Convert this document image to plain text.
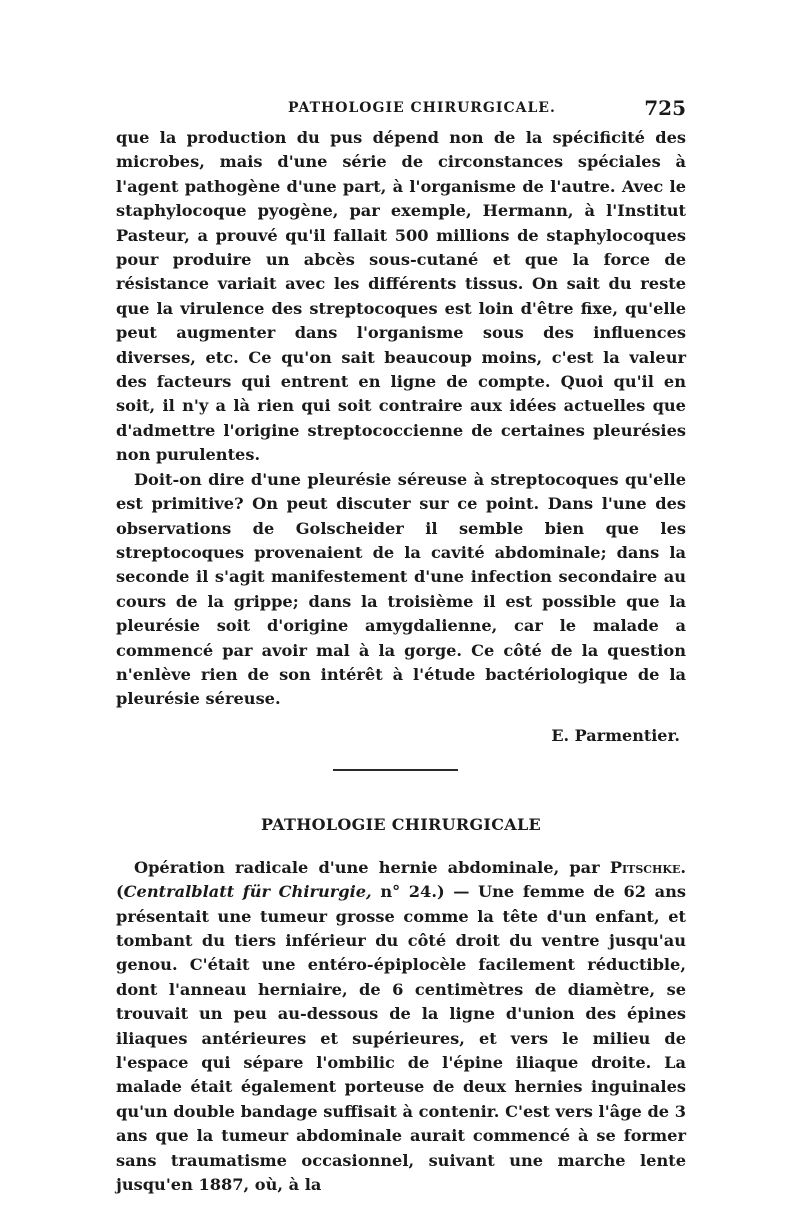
PATHOLOGIE CHIRURGICALE.	725

que la production du pus dépend non de la spécificité des microbes, mais d'une série de circonstances spéciales à l'agent pathogène d'une part, à l'organisme de l'autre. Avec le staphylocoque pyogène, par exemple, Hermann, à l'Institut Pasteur, a prouvé qu'il fallait 500 millions de staphylocoques pour produire un abcès sous-cutané et que la force de résistance variait avec les différents tissus. On sait du reste que la virulence des streptocoques est loin d'être fixe, qu'elle peut augmenter dans l'organisme sous des influences diverses, etc. Ce qu'on sait beaucoup moins, c'est la valeur des facteurs qui entrent en ligne de compte. Quoi qu'il en soit, il n'y a là rien qui soit contraire aux idées actuelles que d'admettre l'origine streptococcienne de certaines pleurésies non purulentes.

Doit-on dire d'une pleurésie séreuse à streptocoques qu'elle est primitive? On peut discuter sur ce point. Dans l'une des observations de Golscheider il semble bien que les streptocoques provenaient de la cavité abdominale; dans la seconde il s'agit manifestement d'une infection secondaire au cours de la grippe; dans la troisième il est possible que la pleurésie soit d'origine amygdalienne, car le malade a commencé par avoir mal à la gorge. Ce côté de la question n'enlève rien de son intérêt à l'étude bactériologique de la pleurésie séreuse.

E. Parmentier.
PATHOLOGIE CHIRURGICALE

Opération radicale d'une hernie abdominale, par Pitschke. (Centralblatt für Chirurgie, n° 24.) — Une femme de 62 ans présentait une tumeur grosse comme la tête d'un enfant, et tombant du tiers inférieur du côté droit du ventre jusqu'au genou. C'était une entéro-épiplocèle facilement réductible, dont l'anneau herniaire, de 6 centimètres de diamètre, se trouvait un peu au-dessous de la ligne d'union des épines iliaques antérieures et supérieures, et vers le milieu de l'espace qui sépare l'ombilic de l'épine iliaque droite. La malade était également porteuse de deux hernies inguinales qu'un double bandage suffisait à contenir. C'est vers l'âge de 3 ans que la tumeur abdominale aurait commencé à se former sans traumatisme occasionnel, suivant une marche lente jusqu'en 1887, où, à la
